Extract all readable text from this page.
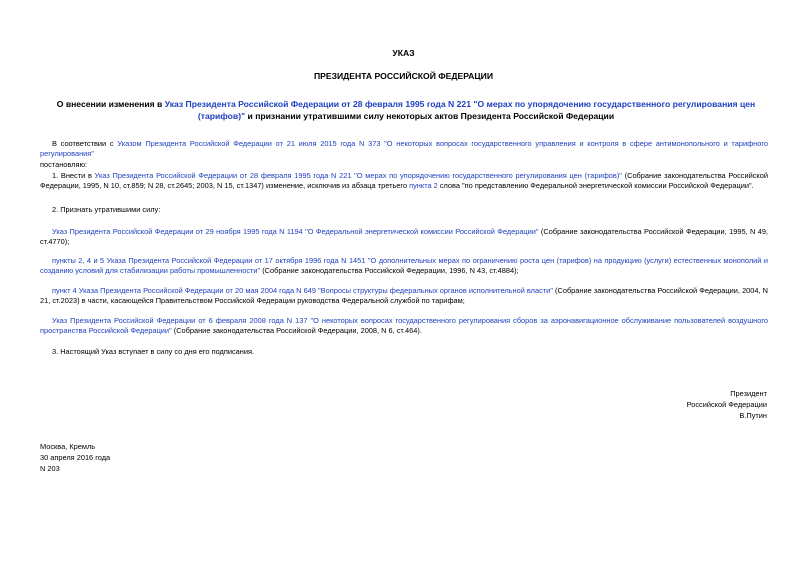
УКАЗ
ПРЕЗИДЕНТА РОССИЙСКОЙ ФЕДЕРАЦИИ
О внесении изменения в Указ Президента Российской Федерации от 28 февраля 1995 года N 221 "О мерах по упорядочению государственного регулирования цен (тарифов)" и признании утратившими силу некоторых актов Президента Российской Федерации
В соответствии с Указом Президента Российской Федерации от 21 июля 2015 года N 373 "О некоторых вопросах государственного управления и контроля в сфере антимонопольного и тарифного регулирования"
постановляю:
1. Внести в Указ Президента Российской Федерации от 28 февраля 1995 года N 221 "О мерах по упорядочению государственного регулирования цен (тарифов)" (Собрание законодательства Российской Федерации, 1995, N 10, ст.859; N 28, ст.2645; 2003, N 15, ст.1347) изменение, исключив из абзаца третьего пункта 2 слова "по представлению Федеральной энергетической комиссии Российской Федерации".
2. Признать утратившими силу:
Указ Президента Российской Федерации от 29 ноября 1995 года N 1194 "О Федеральной энергетической комиссии Российской Федерации" (Собрание законодательства Российской Федерации, 1995, N 49, ст.4770);
пункты 2, 4 и 5 Указа Президента Российской Федерации от 17 октября 1996 года N 1451 "О дополнительных мерах по ограничению роста цен (тарифов) на продукцию (услуги) естественных монополий и созданию условий для стабилизации работы промышленности" (Собрание законодательства Российской Федерации, 1996, N 43, ст.4884);
пункт 4 Указа Президента Российской Федерации от 20 мая 2004 года N 649 "Вопросы структуры федеральных органов исполнительной власти" (Собрание законодательства Российской Федерации, 2004, N 21, ст.2023) в части, касающейся Правительством Российской Федерации руководства Федеральной службой по тарифам;
Указ Президента Российской Федерации от 6 февраля 2008 года N 137 "О некоторых вопросах государственного регулирования сборов за аэронавигационное обслуживание пользователей воздушного пространства Российской Федерации" (Собрание законодательства Российской Федерации, 2008, N 6, ст.464).
3. Настоящий Указ вступает в силу со дня его подписания.
Президент
Российской Федерации
В.Путин
Москва, Кремль
30 апреля 2016 года
N 203
